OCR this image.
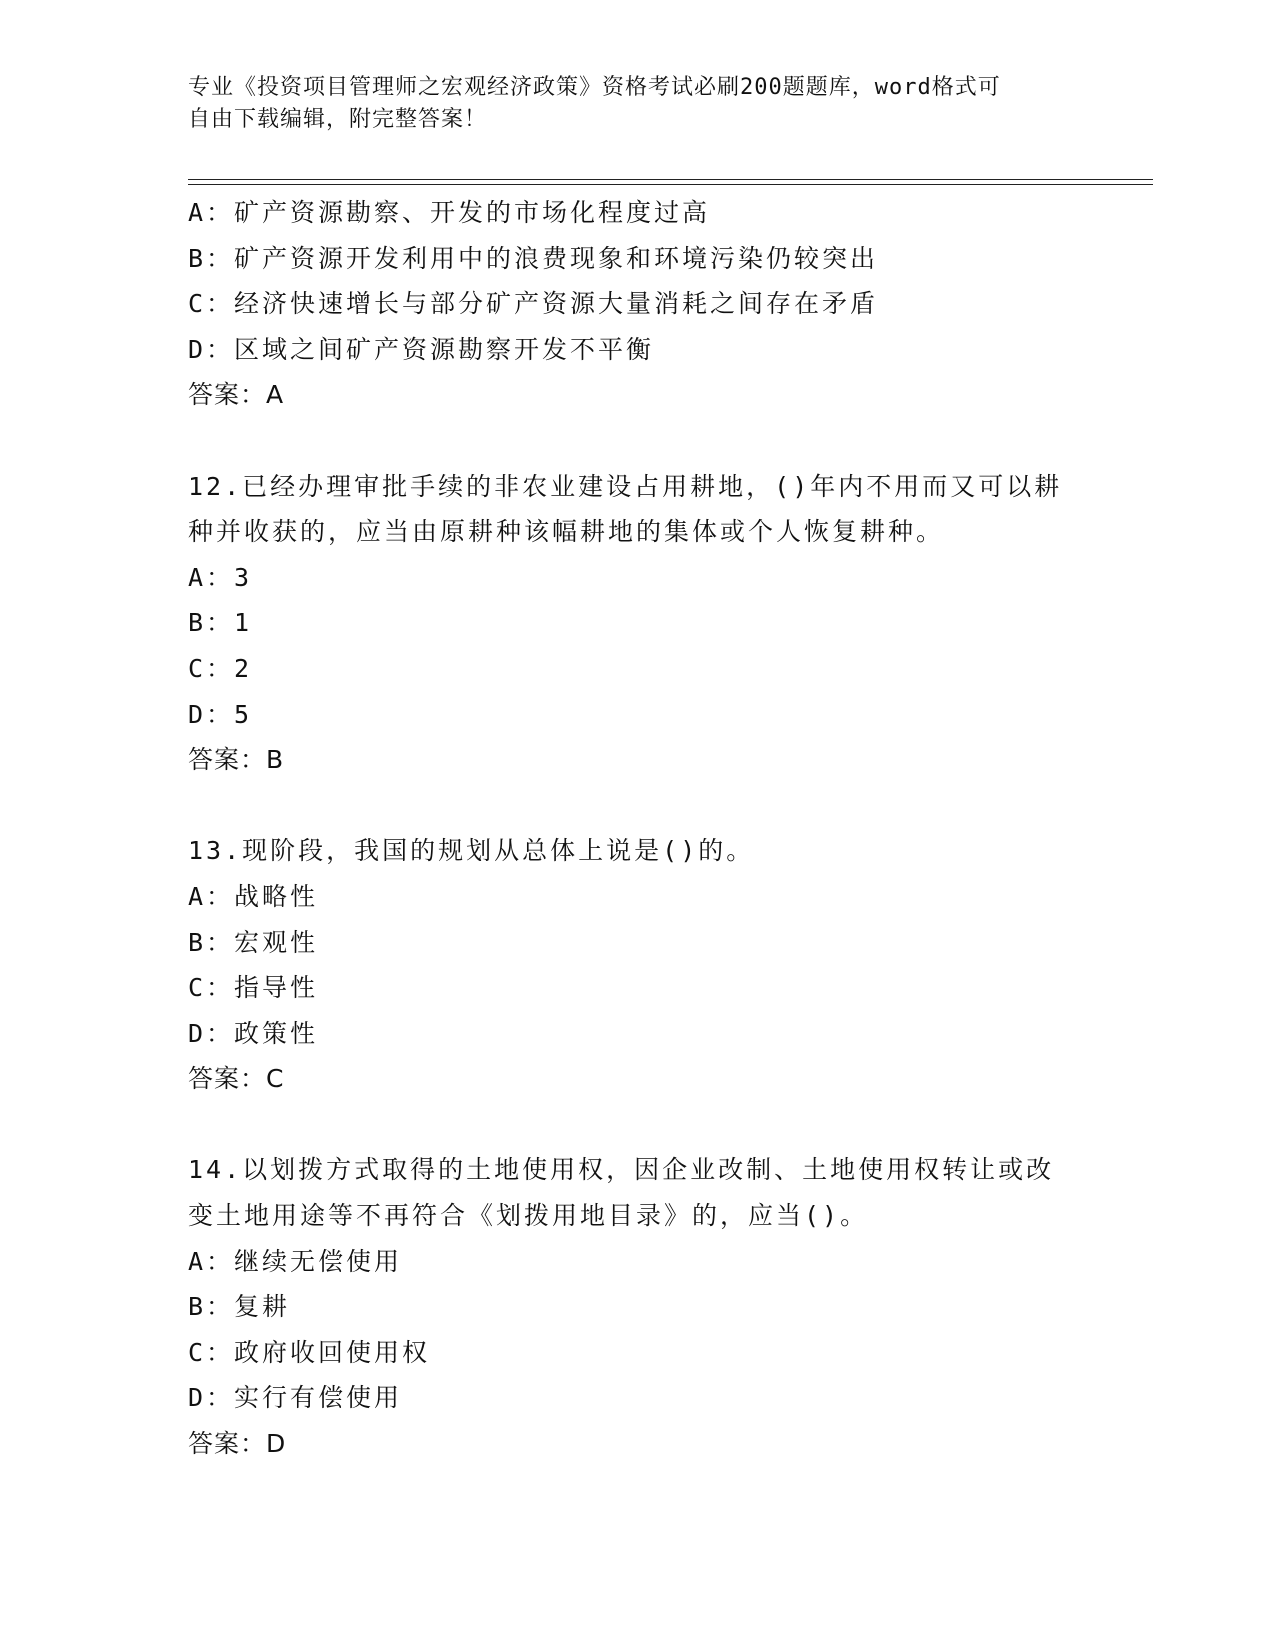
专业《投资项目管理师之宏观经济政策》资格考试必刷200题题库，word格式可
自由下载编辑，附完整答案！
A：矿产资源勘察、开发的市场化程度过高
B：矿产资源开发利用中的浪费现象和环境污染仍较突出
C：经济快速增长与部分矿产资源大量消耗之间存在矛盾
D：区域之间矿产资源勘察开发不平衡
答案：A
12.已经办理审批手续的非农业建设占用耕地，()年内不用而又可以耕
种并收获的，应当由原耕种该幅耕地的集体或个人恢复耕种。
A：3
B：1
C：2
D：5
答案：B
13.现阶段，我国的规划从总体上说是()的。
A：战略性
B：宏观性
C：指导性
D：政策性
答案：C
14.以划拨方式取得的土地使用权，因企业改制、土地使用权转让或改
变土地用途等不再符合《划拨用地目录》的，应当()。
A：继续无偿使用
B：复耕
C：政府收回使用权
D：实行有偿使用
答案：D
